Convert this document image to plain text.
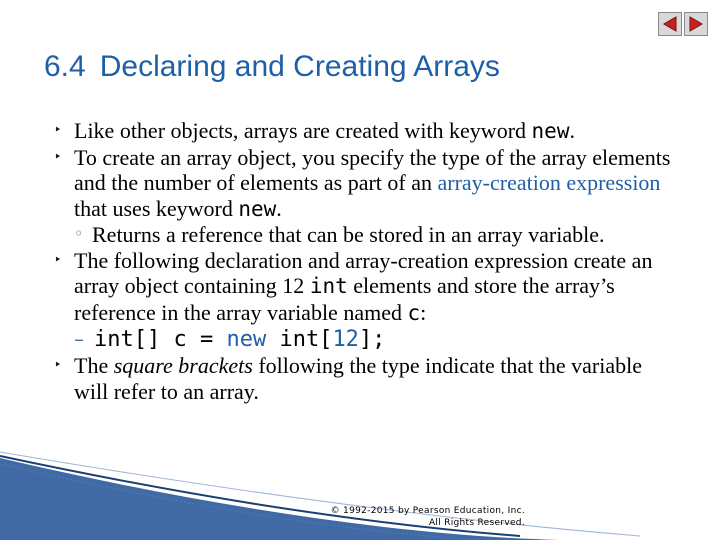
6.4 Declaring and Creating Arrays
‣ Like other objects, arrays are created with keyword new.
‣ To create an array object, you specify the type of the array elements and the number of elements as part of an array-creation expression that uses keyword new.
◦ Returns a reference that can be stored in an array variable.
‣ The following declaration and array-creation expression create an array object containing 12 int elements and store the array’s reference in the array variable named c:
– int[] c = new int[12];
‣ The square brackets following the type indicate that the variable will refer to an array.
© 1992-2015 by Pearson Education, Inc.
All Rights Reserved.
